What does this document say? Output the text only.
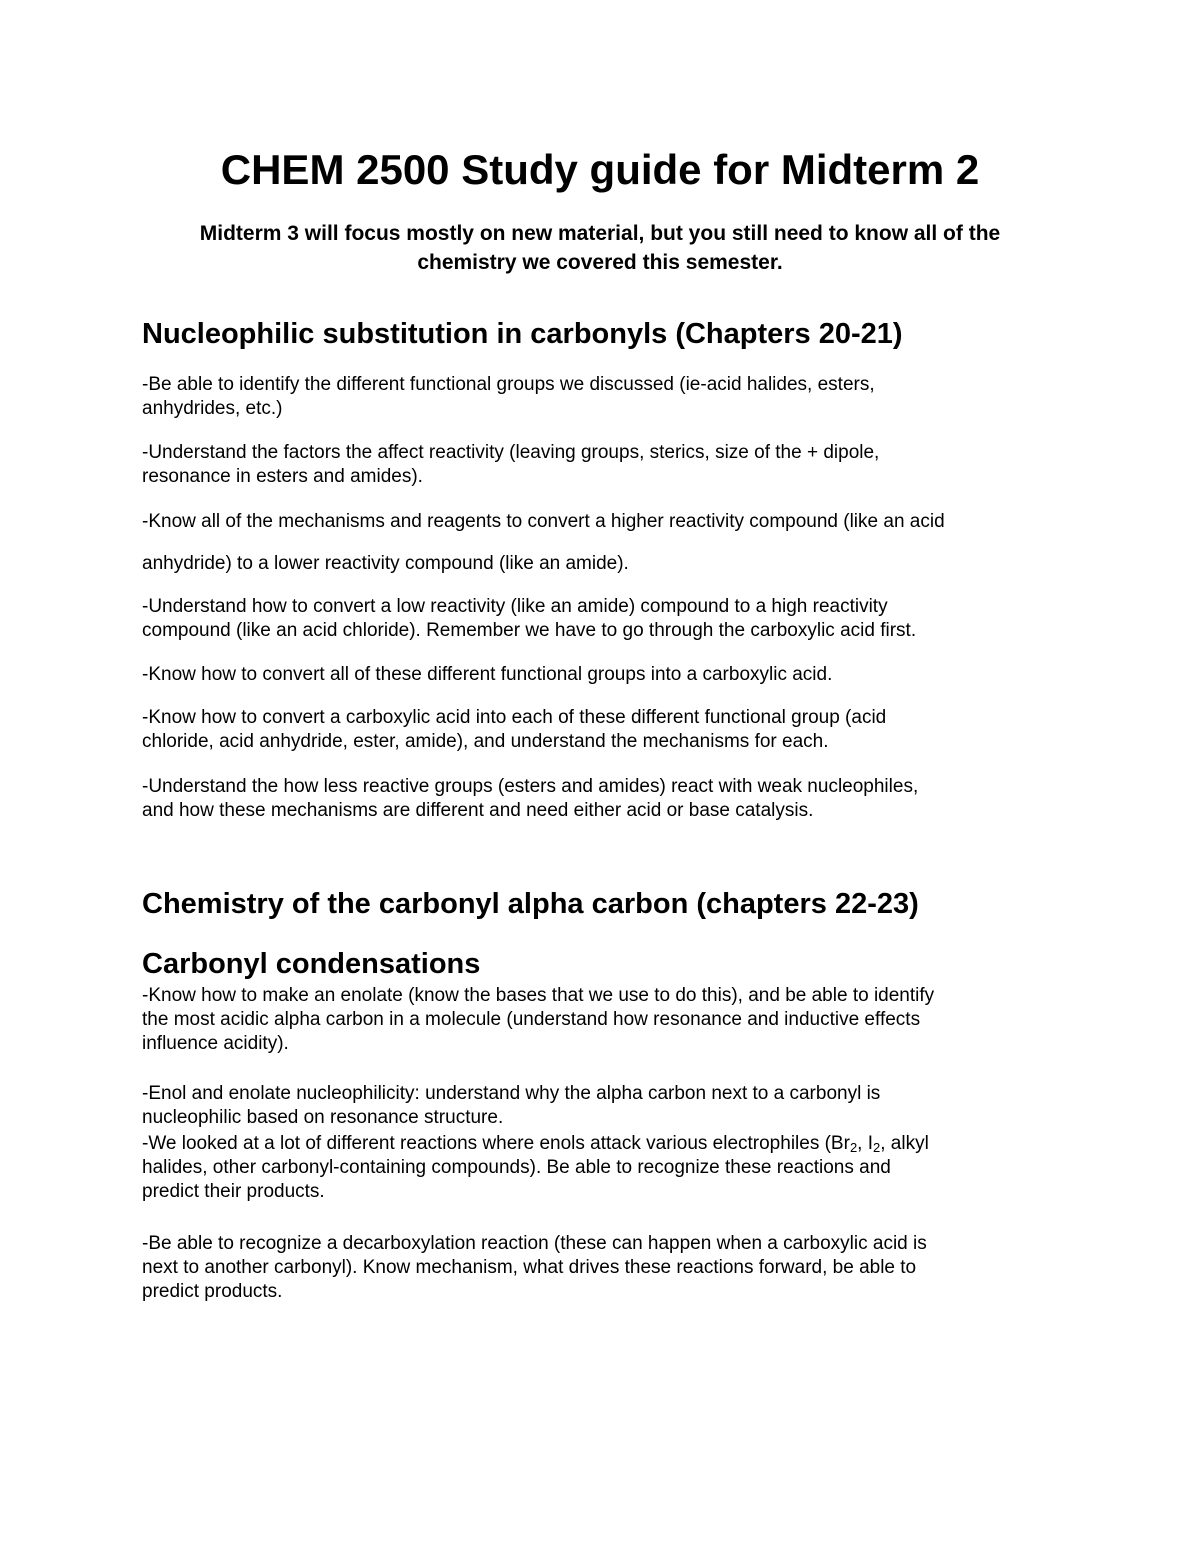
CHEM 2500 Study guide for Midterm 2
Midterm 3 will focus mostly on new material, but you still need to know all of the
chemistry we covered this semester.
Nucleophilic substitution in carbonyls (Chapters 20-21)

-Be able to identify the different functional groups we discussed (ie-acid halides, esters,
anhydrides, etc.)

-Understand the factors the affect reactivity (leaving groups, sterics, size of the + dipole,
resonance in esters and amides).

-Know all of the mechanisms and reagents to convert a higher reactivity compound (like an acid

anhydride) to a lower reactivity compound (like an amide).

-Understand how to convert a low reactivity (like an amide) compound to a high reactivity
compound (like an acid chloride). Remember we have to go through the carboxylic acid first.

-Know how to convert all of these different functional groups into a carboxylic acid.

-Know how to convert a carboxylic acid into each of these different functional group (acid
chloride, acid anhydride, ester, amide), and understand the mechanisms for each.

-Understand the how less reactive groups (esters and amides) react with weak nucleophiles,
and how these mechanisms are different and need either acid or base catalysis.

Chemistry of the carbonyl alpha carbon (chapters 22-23)
Carbonyl condensations

-Know how to make an enolate (know the bases that we use to do this), and be able to identify
the most acidic alpha carbon in a molecule (understand how resonance and inductive effects
influence acidity).

-Enol and enolate nucleophilicity: understand why the alpha carbon next to a carbonyl is
nucleophilic based on resonance structure.

-We looked at a lot of different reactions where enols attack various electrophiles ($Br_2$, $I_2$, alkyl
halides, other carbonyl-containing compounds). Be able to recognize these reactions and
predict their products.

-Be able to recognize a decarboxylation reaction (these can happen when a carboxylic acid is
next to another carbonyl). Know mechanism, what drives these reactions forward, be able to
predict products.
